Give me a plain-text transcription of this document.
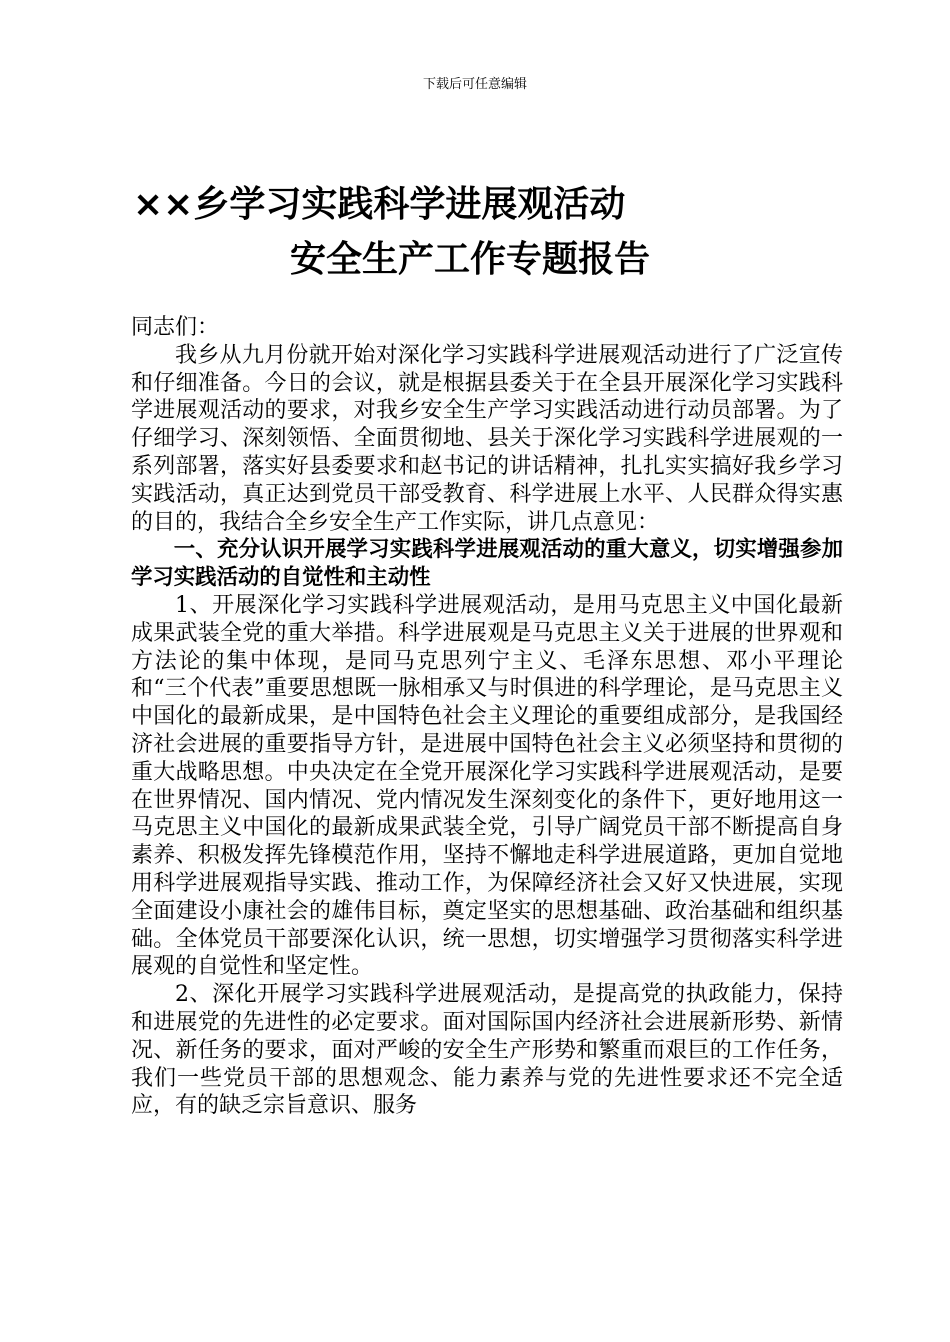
下载后可任意编辑
××乡学习实践科学进展观活动
安全生产工作专题报告

同志们：

我乡从九月份就开始对深化学习实践科学进展观活动进行了广泛宣传和仔细准备。今日的会议，就是根据县委关于在全县开展深化学习实践科学进展观活动的要求，对我乡安全生产学习实践活动进行动员部署。为了仔细学习、深刻领悟、全面贯彻地、县关于深化学习实践科学进展观的一系列部署，落实好县委要求和赵书记的讲话精神，扎扎实实搞好我乡学习实践活动，真正达到党员干部受教育、科学进展上水平、人民群众得实惠的目的，我结合全乡安全生产工作实际，讲几点意见：

一、充分认识开展学习实践科学进展观活动的重大意义，切实增强参加学习实践活动的自觉性和主动性

1、开展深化学习实践科学进展观活动，是用马克思主义中国化最新成果武装全党的重大举措。科学进展观是马克思主义关于进展的世界观和方法论的集中体现，是同马克思列宁主义、毛泽东思想、邓小平理论和“三个代表”重要思想既一脉相承又与时俱进的科学理论，是马克思主义中国化的最新成果，是中国特色社会主义理论的重要组成部分，是我国经济社会进展的重要指导方针，是进展中国特色社会主义必须坚持和贯彻的重大战略思想。中央决定在全党开展深化学习实践科学进展观活动，是要在世界情况、国内情况、党内情况发生深刻变化的条件下，更好地用这一马克思主义中国化的最新成果武装全党，引导广阔党员干部不断提高自身素养、积极发挥先锋模范作用，坚持不懈地走科学进展道路，更加自觉地用科学进展观指导实践、推动工作，为保障经济社会又好又快进展，实现全面建设小康社会的雄伟目标，奠定坚实的思想基础、政治基础和组织基础。全体党员干部要深化认识，统一思想，切实增强学习贯彻落实科学进展观的自觉性和坚定性。

2、深化开展学习实践科学进展观活动，是提高党的执政能力，保持和进展党的先进性的必定要求。面对国际国内经济社会进展新形势、新情况、新任务的要求，面对严峻的安全生产形势和繁重而艰巨的工作任务，我们一些党员干部的思想观念、能力素养与党的先进性要求还不完全适应，有的缺乏宗旨意识、服务
